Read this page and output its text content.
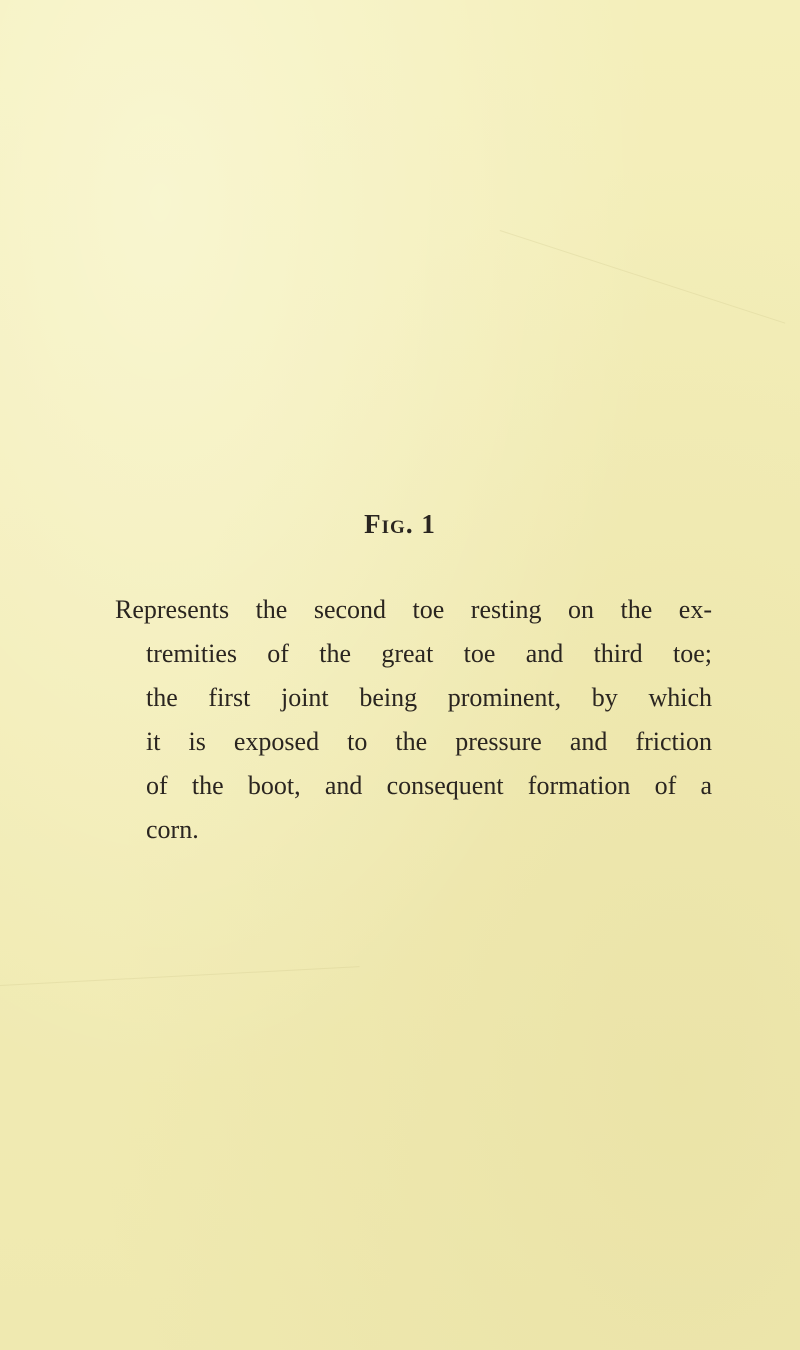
Fig. 1

Represents the second toe resting on the ex-
tremities of the great toe and third toe;
the first joint being prominent, by which
it is exposed to the pressure and friction
of the boot, and consequent formation of a
corn.
